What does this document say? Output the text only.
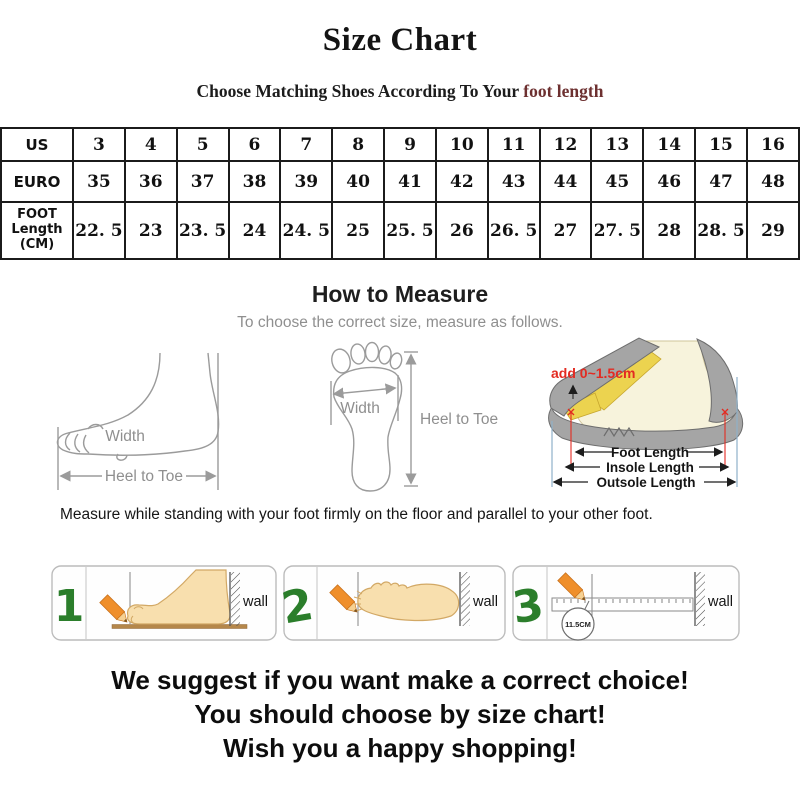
Size Chart
Choose Matching Shoes According To Your foot length
US	3	4	5	6	7	8	9	10	11	12	13	14	15	16
EURO	35	36	37	38	39	40	41	42	43	44	45	46	47	48
FOOT Length (CM)	22. 5	23	23. 5	24	24. 5	25	25. 5	26	26. 5	27	27. 5	28	28. 5	29
How to Measure
To choose the correct size, measure as follows.
Width
Heel to Toe
Width
Heel to Toe
add 0~1.5cm
Foot Length
Insole Length
Outsole Length
Measure while standing with your foot firmly on the floor and parallel to your other foot.
1	wall 2	wall 3 11.5CM
wall
We suggest if you want make a correct choice!
You should choose by size chart!
Wish you a happy shopping!
